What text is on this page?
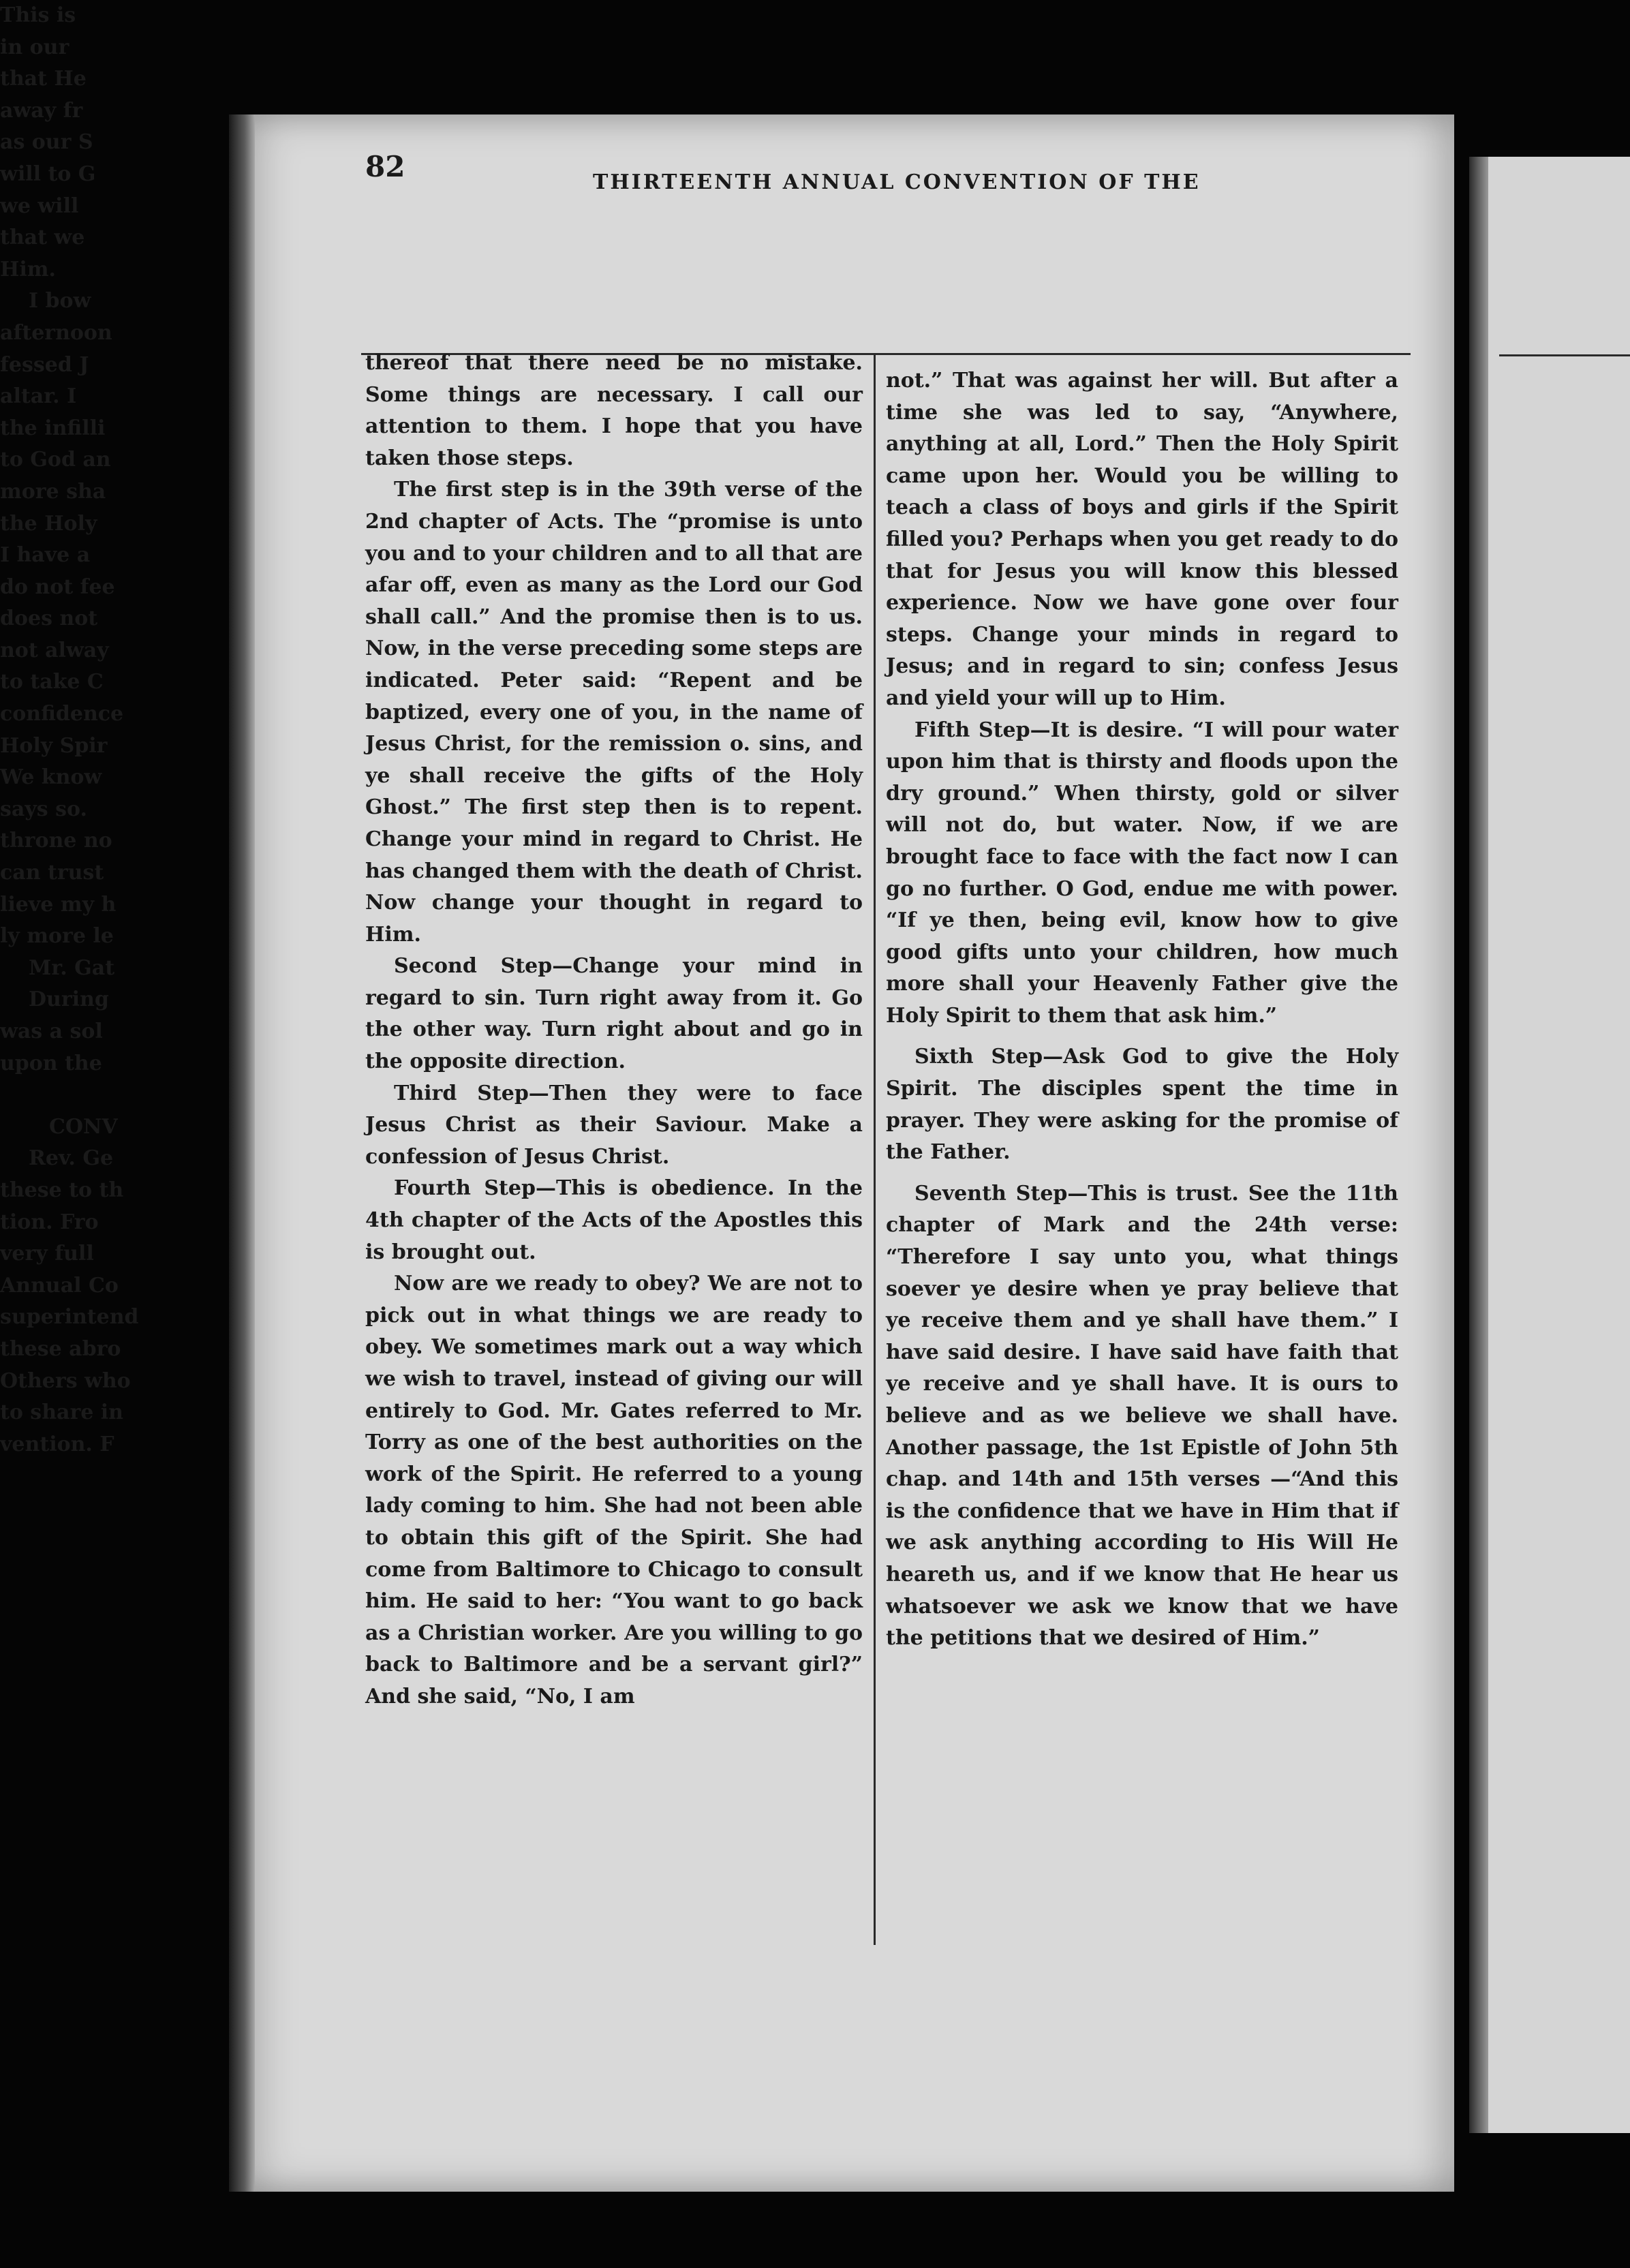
82	THIRTEENTH ANNUAL CONVENTION OF THE

thereof that there need be no mistake. Some things are necessary. I call our attention to them. I hope that you have taken those steps.

The first step is in the 39th verse of the 2nd chapter of Acts. The “promise is unto you and to your children and to all that are afar off, even as many as the Lord our God shall call.” And the promise then is to us. Now, in the verse preceding some steps are indicated. Peter said: “Repent and be baptized, every one of you, in the name of Jesus Christ, for the remission o. sins, and ye shall receive the gifts of the Holy Ghost.” The first step then is to repent. Change your mind in regard to Christ. He has changed them with the death of Christ. Now change your thought in regard to Him.

Second Step—Change your mind in regard to sin. Turn right away from it. Go the other way. Turn right about and go in the opposite direction.

Third Step—Then they were to face Jesus Christ as their Saviour. Make a confession of Jesus Christ.

Fourth Step—This is obedience. In the 4th chapter of the Acts of the Apostles this is brought out.

Now are we ready to obey? We are not to pick out in what things we are ready to obey. We sometimes mark out a way which we wish to travel, instead of giving our will entirely to God. Mr. Gates referred to Mr. Torry as one of the best authorities on the work of the Spirit. He referred to a young lady coming to him. She had not been able to obtain this gift of the Spirit. She had come from Baltimore to Chicago to consult him. He said to her: “You want to go back as a Christian worker. Are you willing to go back to Baltimore and be a servant girl?” And she said, “No, I am

not.” That was against her will. But after a time she was led to say, “Anywhere, anything at all, Lord.” Then the Holy Spirit came upon her. Would you be willing to teach a class of boys and girls if the Spirit filled you? Perhaps when you get ready to do that for Jesus you will know this blessed experience. Now we have gone over four steps. Change your minds in regard to Jesus; and in regard to sin; confess Jesus and yield your will up to Him.

Fifth Step—It is desire. “I will pour water upon him that is thirsty and floods upon the dry ground.” When thirsty, gold or silver will not do, but water. Now, if we are brought face to face with the fact now I can go no further. O God, endue me with power. “If ye then, being evil, know how to give good gifts unto your children, how much more shall your Heavenly Father give the Holy Spirit to them that ask him.”

Sixth Step—Ask God to give the Holy Spirit. The disciples spent the time in prayer. They were asking for the promise of the Father.

Seventh Step—This is trust. See the 11th chapter of Mark and the 24th verse: “Therefore I say unto you, what things soever ye desire when ye pray believe that ye receive them and ye shall have them.” I have said desire. I have said have faith that ye receive and ye shall have. It is ours to believe and as we believe we shall have. Another passage, the 1st Epistle of John 5th chap. and 14th and 15th verses —“And this is the confidence that we have in Him that if we ask anything according to His Will He heareth us, and if we know that He hear us whatsoever we ask we know that we have the petitions that we desired of Him.”

This is
in our
that He
away fr
as our S
will to G
we will
that we
Him.
I bow
afternoon
fessed J
altar. I
the infilli
to God an
more sha
the Holy
I have a
do not fee
does not
not alway
to take C
confidence
Holy Spir
We know
says so.
throne no
can trust
lieve my h
ly more le
Mr. Gat
During
was a sol
upon the
CONV
Rev. Ge
these to th
tion. Fro
very full
Annual Co
superintend
these abro
Others who
to share in
vention. F
